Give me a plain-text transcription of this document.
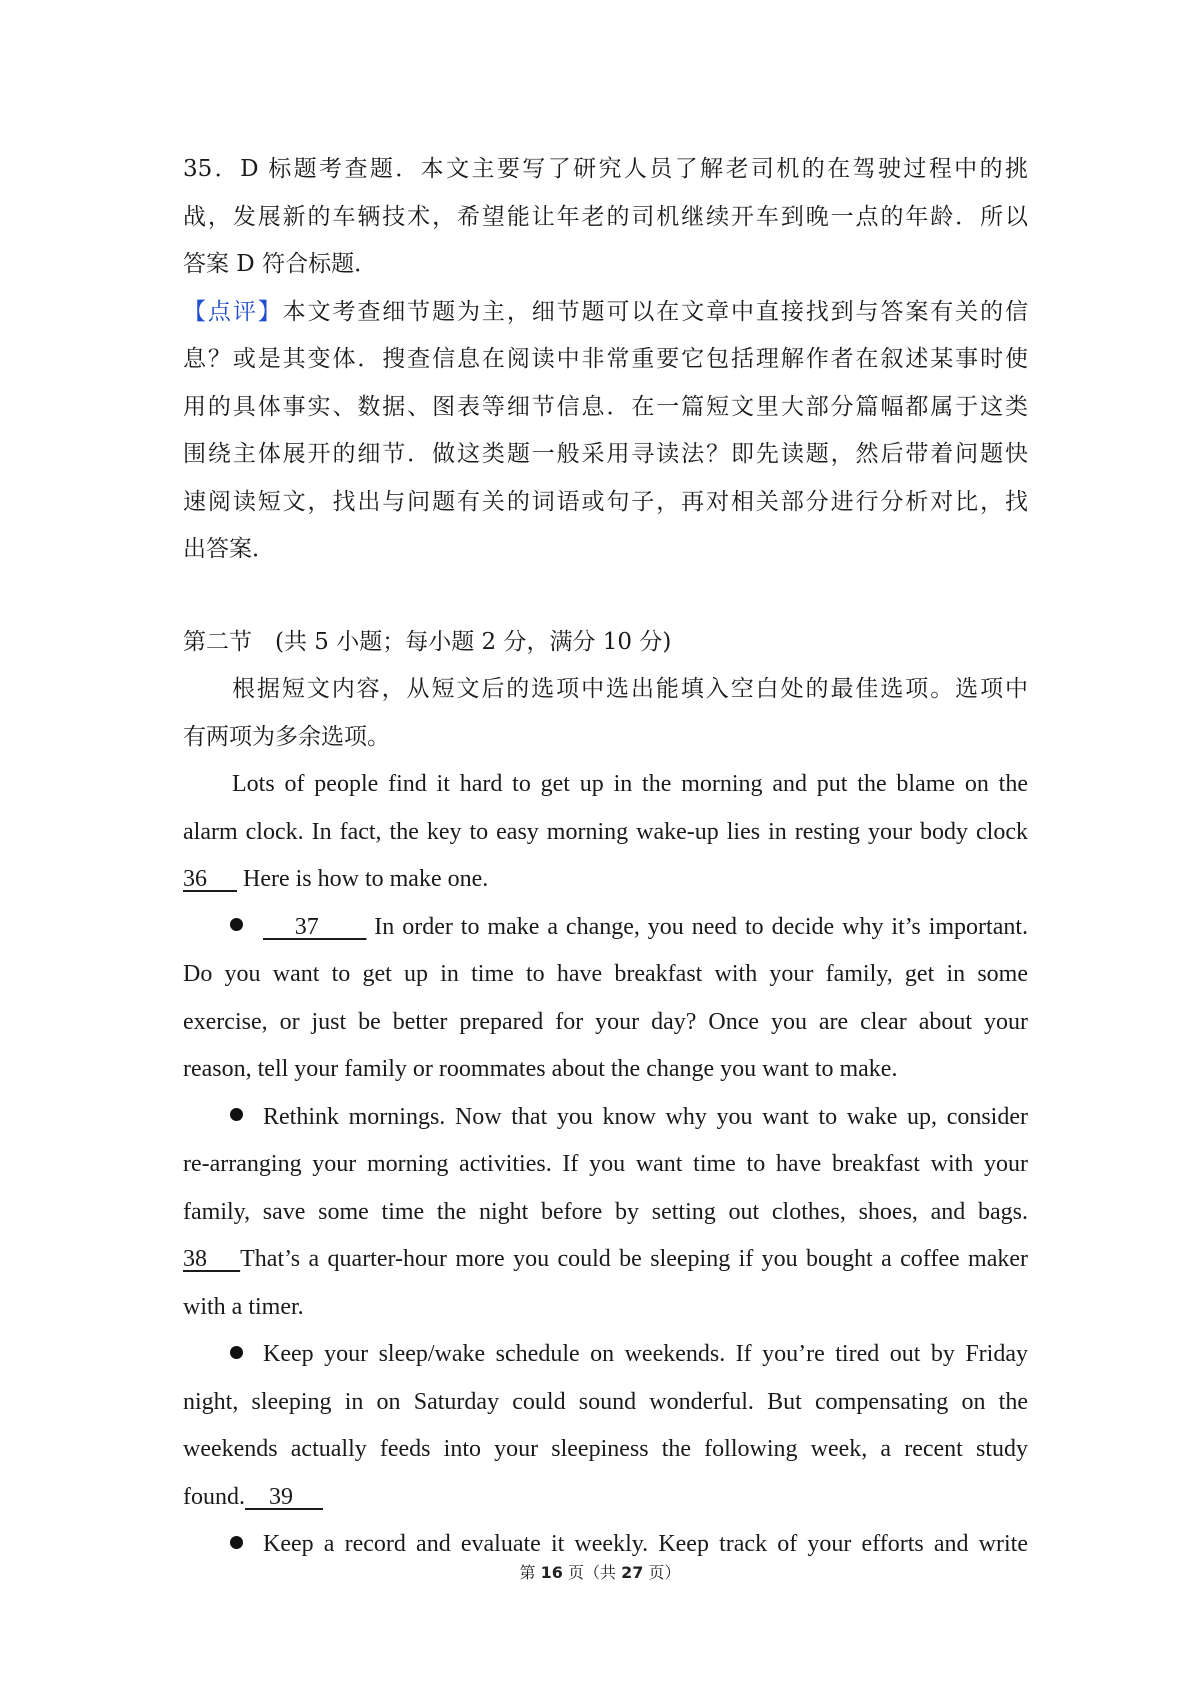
35．D 标题考查题．本文主要写了研究人员了解老司机的在驾驶过程中的挑
战，发展新的车辆技术，希望能让年老的司机继续开车到晚一点的年龄．所以
答案 D 符合标题．
【点评】本文考查细节题为主，细节题可以在文章中直接找到与答案有关的信
息？或是其变体．搜查信息在阅读中非常重要它包括理解作者在叙述某事时使
用的具体事实、数据、图表等细节信息．在一篇短文里大部分篇幅都属于这类
围绕主体展开的细节．做这类题一般采用寻读法？即先读题，然后带着问题快
速阅读短文，找出与问题有关的词语或句子，再对相关部分进行分析对比，找
出答案．
第二节　(共 5 小题；每小题 2 分，满分 10 分)
根据短文内容，从短文后的选项中选出能填入空白处的最佳选项。选项中
有两项为多余选项。
Lots of people find it hard to get up in the morning and put the blame on the
alarm clock. In fact, the key to easy morning wake-up lies in resting your body clock
36      Here is how to make one.
37       In order to make a change, you need to decide why it’s important.
Do you want to get up in time to have breakfast with your family, get in some
exercise, or just be better prepared for your day? Once you are clear about your
reason, tell your family or roommates about the change you want to make.
Rethink mornings. Now that you know why you want to wake up, consider
re-arranging your morning activities. If you want time to have breakfast with your
family, save some time the night before by setting out clothes, shoes, and bags.
38    That’s a quarter-hour more you could be sleeping if you bought a coffee maker
with a timer.
Keep your sleep/wake schedule on weekends. If you’re tired out by Friday
night, sleeping in on Saturday could sound wonderful. But compensating on the
weekends actually feeds into your sleepiness the following week, a recent study
found.    39
Keep a record and evaluate it weekly. Keep track of your efforts and write
第 16 页（共 27 页）
